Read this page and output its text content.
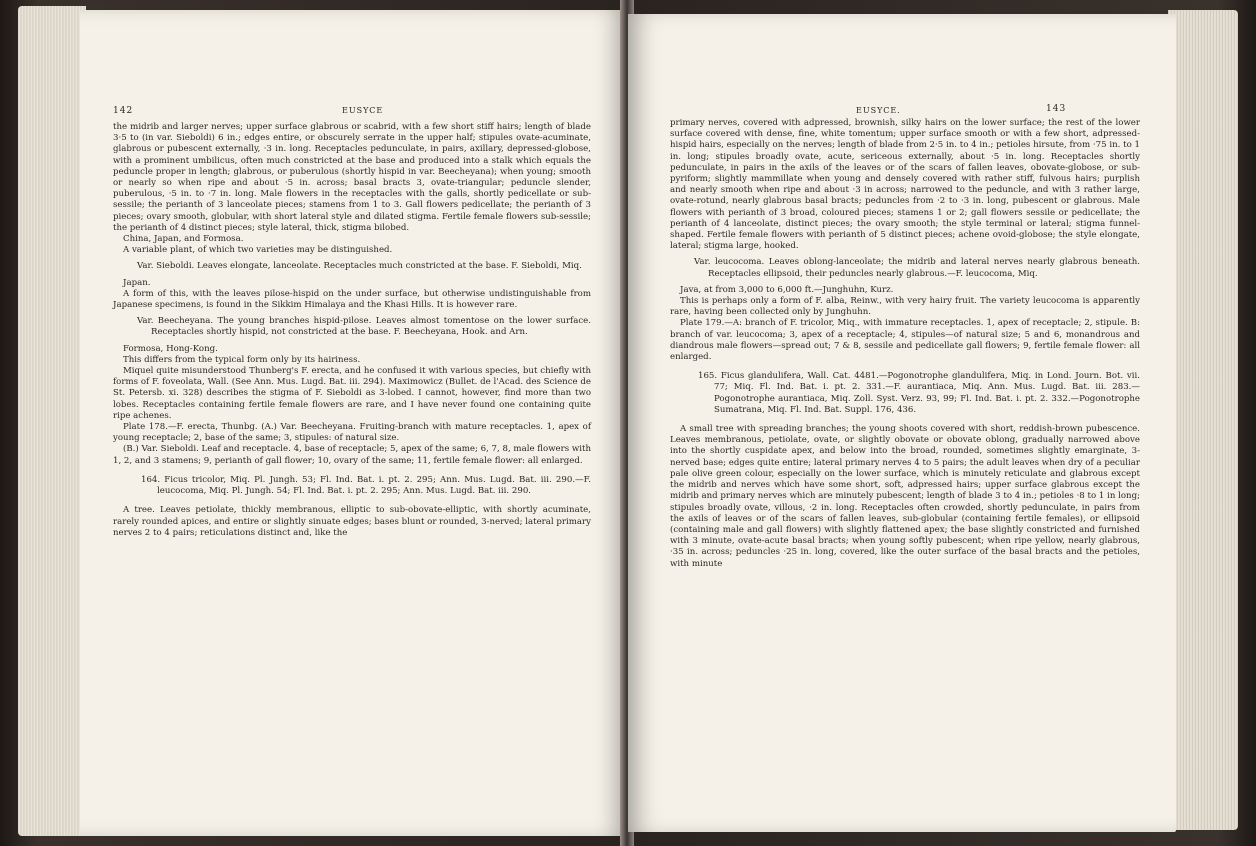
142	EUSYCE

the midrib and larger nerves; upper surface glabrous or scabrid, with a few short stiff hairs; length of blade 3·5 to (in var. Sieboldi) 6 in.; edges entire, or obscurely serrate in the upper half; stipules ovate-acuminate, glabrous or pubescent externally, ·3 in. long. Receptacles pedunculate, in pairs, axillary, depressed-globose, with a prominent umbilicus, often much constricted at the base and produced into a stalk which equals the peduncle proper in length; glabrous, or puberulous (shortly hispid in var. Beecheyana); when young; smooth or nearly so when ripe and about ·5 in. across; basal bracts 3, ovate-triangular; peduncle slender, puberulous, ·5 in. to ·7 in. long. Male flowers in the receptacles with the galls, shortly pedicellate or sub-sessile; the perianth of 3 lanceolate pieces; stamens from 1 to 3. Gall flowers pedicellate; the perianth of 3 pieces; ovary smooth, globular, with short lateral style and dilated stigma. Fertile female flowers sub-sessile; the perianth of 4 distinct pieces; style lateral, thick, stigma bilobed.

China, Japan, and Formosa.

A variable plant, of which two varieties may be distinguished.

Var. Sieboldi. Leaves elongate, lanceolate. Receptacles much constricted at the base. F. Sieboldi, Miq.

Japan.

A form of this, with the leaves pilose-hispid on the under surface, but otherwise undistinguishable from Japanese specimens, is found in the Sikkim Himalaya and the Khasi Hills. It is however rare.

Var. Beecheyana. The young branches hispid-pilose. Leaves almost tomentose on the lower surface. Receptacles shortly hispid, not constricted at the base. F. Beecheyana, Hook. and Arn.

Formosa, Hong-Kong.

This differs from the typical form only by its hairiness.

Miquel quite misunderstood Thunberg's F. erecta, and he confused it with various species, but chiefly with forms of F. foveolata, Wall. (See Ann. Mus. Lugd. Bat. iii. 294). Maximowicz (Bullet. de l'Acad. des Science de St. Petersb. xi. 328) describes the stigma of F. Sieboldi as 3-lobed. I cannot, however, find more than two lobes. Receptacles containing fertile female flowers are rare, and I have never found one containing quite ripe achenes.

Plate 178.—F. erecta, Thunbg. (A.) Var. Beecheyana. Fruiting-branch with mature receptacles. 1, apex of young receptacle; 2, base of the same; 3, stipules: of natural size.

(B.) Var. Sieboldi. Leaf and receptacle. 4, base of receptacle; 5, apex of the same; 6, 7, 8, male flowers with 1, 2, and 3 stamens; 9, perianth of gall flower; 10, ovary of the same; 11, fertile female flower: all enlarged.

164. Ficus tricolor, Miq. Pl. Jungh. 53; Fl. Ind. Bat. i. pt. 2. 295; Ann. Mus. Lugd. Bat. iii. 290.—F. leucocoma, Miq. Pl. Jungh. 54; Fl. Ind. Bat. i. pt. 2. 295; Ann. Mus. Lugd. Bat. iii. 290.

A tree. Leaves petiolate, thickly membranous, elliptic to sub-obovate-elliptic, with shortly acuminate, rarely rounded apices, and entire or slightly sinuate edges; bases blunt or rounded, 3-nerved; lateral primary nerves 2 to 4 pairs; reticulations distinct and, like the

EUSYCE.	143

primary nerves, covered with adpressed, brownish, silky hairs on the lower surface; the rest of the lower surface covered with dense, fine, white tomentum; upper surface smooth or with a few short, adpressed-hispid hairs, especially on the nerves; length of blade from 2·5 in. to 4 in.; petioles hirsute, from ·75 in. to 1 in. long; stipules broadly ovate, acute, sericeous externally, about ·5 in. long. Receptacles shortly pedunculate, in pairs in the axils of the leaves or of the scars of fallen leaves, obovate-globose, or sub-pyriform; slightly mammillate when young and densely covered with rather stiff, fulvous hairs; purplish and nearly smooth when ripe and about ·3 in across; narrowed to the peduncle, and with 3 rather large, ovate-rotund, nearly glabrous basal bracts; peduncles from ·2 to ·3 in. long, pubescent or glabrous. Male flowers with perianth of 3 broad, coloured pieces; stamens 1 or 2; gall flowers sessile or pedicellate; the perianth of 4 lanceolate, distinct pieces; the ovary smooth; the style terminal or lateral; stigma funnel-shaped. Fertile female flowers with perianth of 5 distinct pieces; achene ovoid-globose; the style elongate, lateral; stigma large, hooked.

Var. leucocoma. Leaves oblong-lanceolate; the midrib and lateral nerves nearly glabrous beneath. Receptacles ellipsoid, their peduncles nearly glabrous.—F. leucocoma, Miq.

Java, at from 3,000 to 6,000 ft.—Junghuhn, Kurz.

This is perhaps only a form of F. alba, Reinw., with very hairy fruit. The variety leucocoma is apparently rare, having been collected only by Junghuhn.

Plate 179.—A: branch of F. tricolor, Miq., with immature receptacles. 1, apex of receptacle; 2, stipule. B: branch of var. leucocoma; 3, apex of a receptacle; 4, stipules—of natural size; 5 and 6, monandrous and diandrous male flowers—spread out; 7 & 8, sessile and pedicellate gall flowers; 9, fertile female flower: all enlarged.

165. Ficus glandulifera, Wall. Cat. 4481.—Pogonotrophe glandulifera, Miq. in Lond. Journ. Bot. vii. 77; Miq. Fl. Ind. Bat. i. pt. 2. 331.—F. aurantiaca, Miq. Ann. Mus. Lugd. Bat. iii. 283.—Pogonotrophe aurantiaca, Miq. Zoll. Syst. Verz. 93, 99; Fl. Ind. Bat. i. pt. 2. 332.—Pogonotrophe Sumatrana, Miq. Fl. Ind. Bat. Suppl. 176, 436.

A small tree with spreading branches; the young shoots covered with short, reddish-brown pubescence. Leaves membranous, petiolate, ovate, or slightly obovate or obovate oblong, gradually narrowed above into the shortly cuspidate apex, and below into the broad, rounded, sometimes slightly emarginate, 3-nerved base; edges quite entire; lateral primary nerves 4 to 5 pairs; the adult leaves when dry of a peculiar pale olive green colour, especially on the lower surface, which is minutely reticulate and glabrous except the midrib and nerves which have some short, soft, adpressed hairs; upper surface glabrous except the midrib and primary nerves which are minutely pubescent; length of blade 3 to 4 in.; petioles ·8 to 1 in long; stipules broadly ovate, villous, ·2 in. long. Receptacles often crowded, shortly pedunculate, in pairs from the axils of leaves or of the scars of fallen leaves, sub-globular (containing fertile females), or ellipsoid (containing male and gall flowers) with slightly flattened apex; the base slightly constricted and furnished with 3 minute, ovate-acute basal bracts; when young softly pubescent; when ripe yellow, nearly glabrous, ·35 in. across; peduncles ·25 in. long, covered, like the outer surface of the basal bracts and the petioles, with minute
